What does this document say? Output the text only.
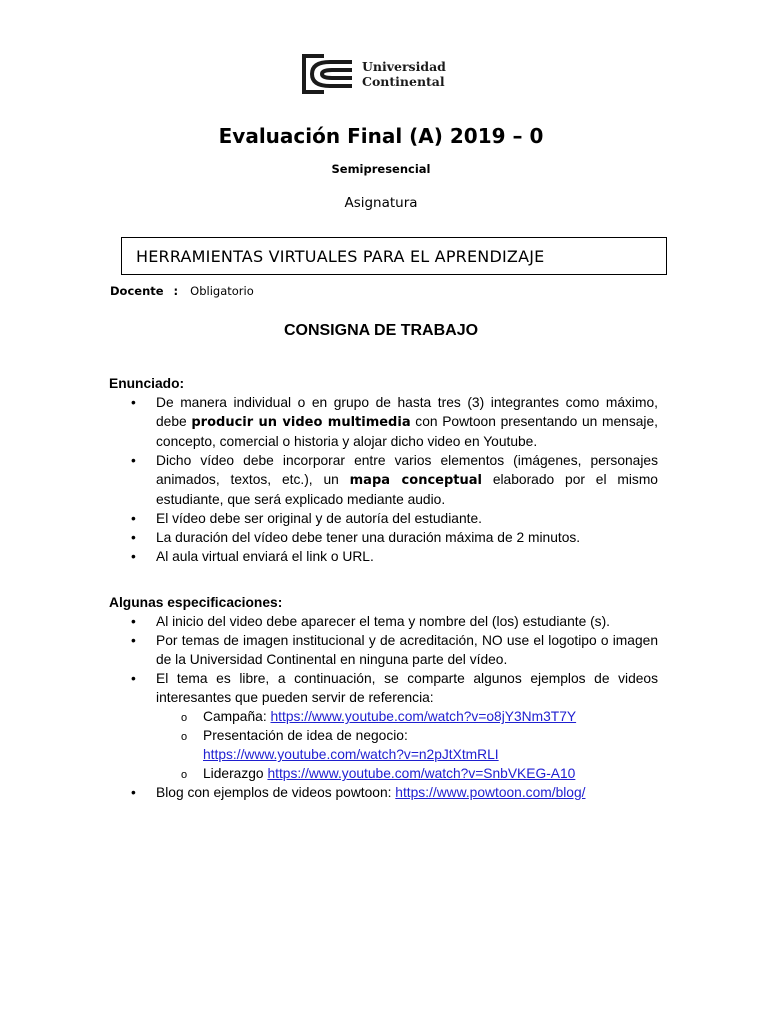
Universidad
Continental
Evaluación Final (A) 2019 – 0
Semipresencial
Asignatura
HERRAMIENTAS VIRTUALES PARA EL APRENDIZAJE
Docente : Obligatorio
CONSIGNA DE TRABAJO
Enunciado:
• De manera individual o en grupo de hasta tres (3) integrantes como máximo, debe producir un video multimedia con Powtoon presentando un mensaje, concepto, comercial o historia y alojar dicho video en Youtube.
• Dicho vídeo debe incorporar entre varios elementos (imágenes, personajes animados, textos, etc.), un mapa conceptual elaborado por el mismo estudiante, que será explicado mediante audio.
• El vídeo debe ser original y de autoría del estudiante.
• La duración del vídeo debe tener una duración máxima de 2 minutos.
• Al aula virtual enviará el link o URL.
Algunas especificaciones:
• Al inicio del video debe aparecer el tema y nombre del (los) estudiante (s).
• Por temas de imagen institucional y de acreditación, NO use el logotipo o imagen de la Universidad Continental en ninguna parte del vídeo.
• El tema es libre, a continuación, se comparte algunos ejemplos de videos interesantes que pueden servir de referencia:
o Campaña: https://www.youtube.com/watch?v=o8jY3Nm3T7Y
o Presentación de idea de negocio:
https://www.youtube.com/watch?v=n2pJtXtmRLI
o Liderazgo https://www.youtube.com/watch?v=SnbVKEG-A10
• Blog con ejemplos de videos powtoon: https://www.powtoon.com/blog/
